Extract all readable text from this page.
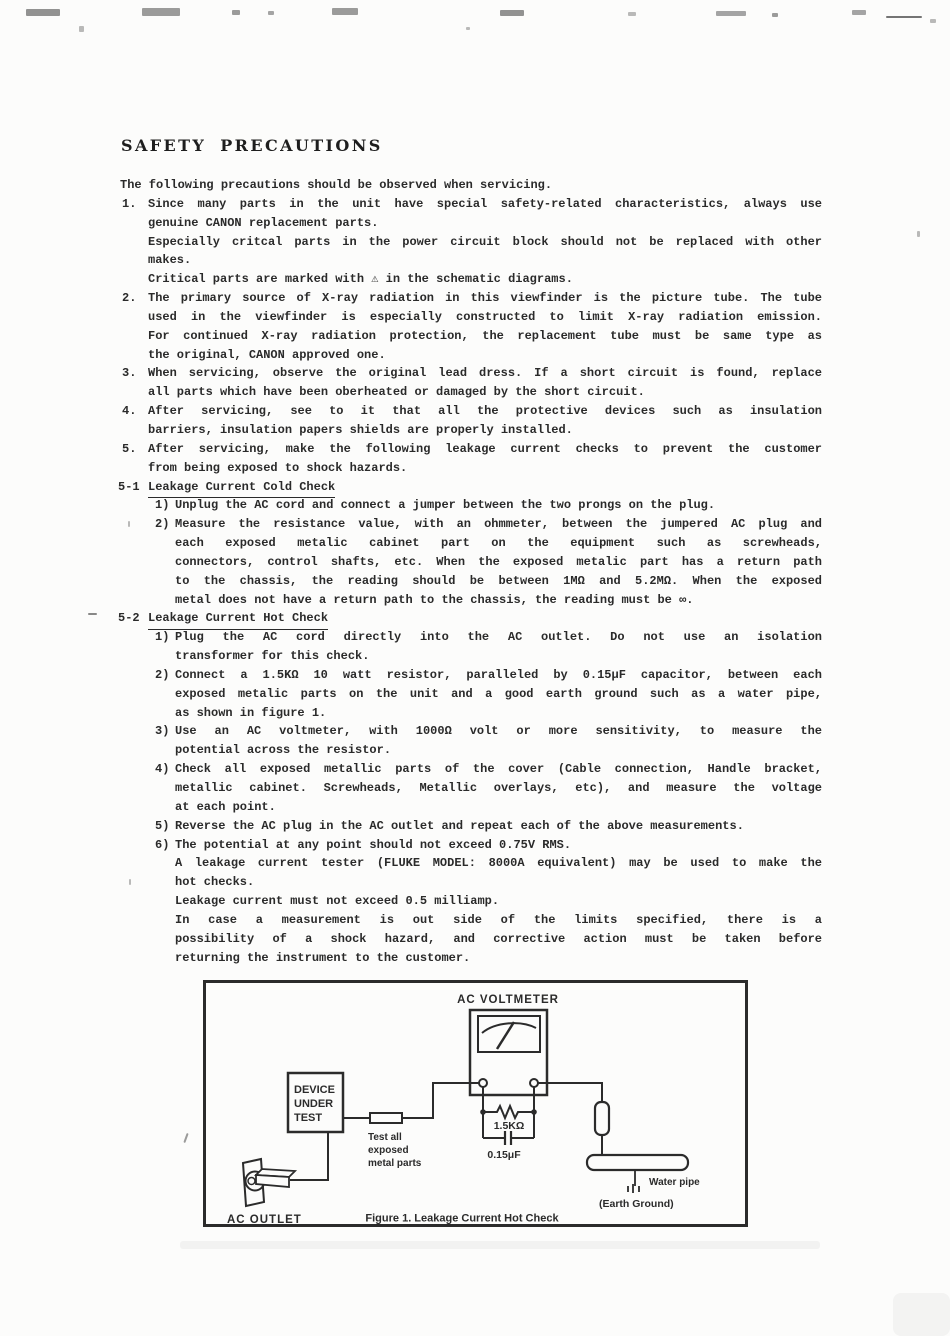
SAFETY PRECAUTIONS
The following precautions should be observed when servicing.
1. Since many parts in the unit have special safety-related characteristics, always use
genuine CANON replacement parts.
Especially critcal parts in the power circuit block should not be replaced with other
makes.
Critical parts are marked with ⚠ in the schematic diagrams.
2. The primary source of X-ray radiation in this viewfinder is the picture tube. The tube
used in the viewfinder is especially constructed to limit X-ray radiation emission.
For continued X-ray radiation protection, the replacement tube must be same type as
the original, CANON approved one.
3. When servicing, observe the original lead dress. If a short circuit is found, replace
all parts which have been oberheated or damaged by the short circuit.
4. After servicing, see to it that all the protective devices such as insulation
barriers, insulation papers shields are properly installed.
5. After servicing, make the following leakage current checks to prevent the customer
from being exposed to shock hazards.
5-1 Leakage Current Cold Check
1) Unplug the AC cord and connect a jumper between the two prongs on the plug.
2) Measure the resistance value, with an ohmmeter, between the jumpered AC plug and
each exposed metalic cabinet part on the equipment such as screwheads,
connectors, control shafts, etc. When the exposed metalic part has a return path
to the chassis, the reading should be between 1MΩ and 5.2MΩ. When the exposed
metal does not have a return path to the chassis, the reading must be ∞.
5-2 Leakage Current Hot Check
1) Plug the AC cord directly into the AC outlet. Do not use an isolation
transformer for this check.
2) Connect a 1.5KΩ 10 watt resistor, paralleled by 0.15μF capacitor, between each
exposed metalic parts on the unit and a good earth ground such as a water pipe,
as shown in figure 1.
3) Use an AC voltmeter, with 1000Ω volt or more sensitivity, to measure the
potential across the resistor.
4) Check all exposed metallic parts of the cover (Cable connection, Handle bracket,
metallic cabinet. Screwheads, Metallic overlays, etc), and measure the voltage
at each point.
5) Reverse the AC plug in the AC outlet and repeat each of the above measurements.
6) The potential at any point should not exceed 0.75V RMS.
A leakage current tester (FLUKE MODEL: 8000A equivalent) may be used to make the
hot checks.
Leakage current must not exceed 0.5 milliamp.
In case a measurement is out side of the limits specified, there is a
possibility of a shock hazard, and corrective action must be taken before
returning the instrument to the customer.
AC VOLTMETER
DEVICE
UNDER
TEST
Test all
exposed
metal parts
AC OUTLET
1.5KΩ
0.15μF
Water pipe
(Earth Ground)
Figure 1. Leakage Current Hot Check
